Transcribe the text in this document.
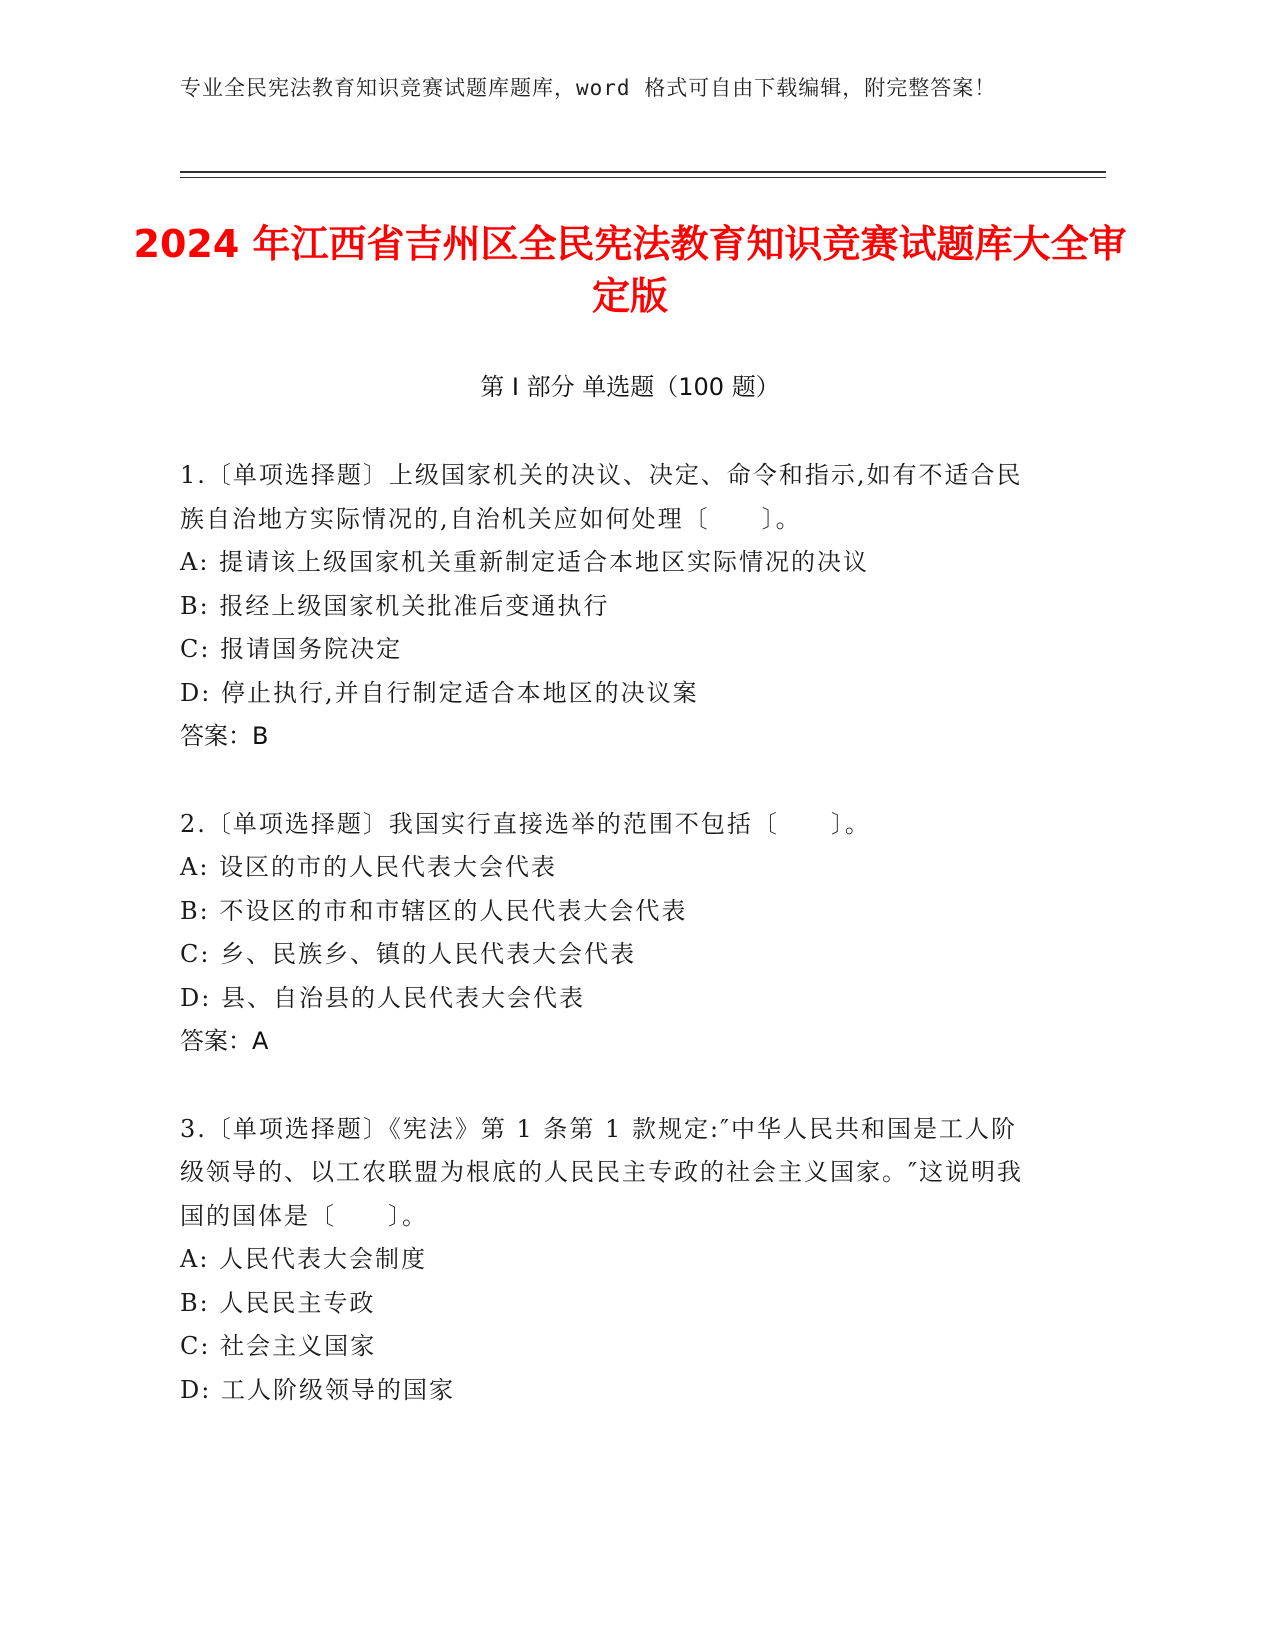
专业全民宪法教育知识竞赛试题库题库，word 格式可自由下载编辑，附完整答案！
2024 年江西省吉州区全民宪法教育知识竞赛试题库大全审定版
第 I 部分 单选题（100 题）

1.〔单项选择题〕上级国家机关的决议、决定、命令和指示,如有不适合民族自治地方实际情况的,自治机关应如何处理〔　　〕。

A: 提请该上级国家机关重新制定适合本地区实际情况的决议

B: 报经上级国家机关批准后变通执行

C: 报请国务院决定

D: 停止执行,并自行制定适合本地区的决议案

答案：B

2.〔单项选择题〕我国实行直接选举的范围不包括〔　　〕。

A: 设区的市的人民代表大会代表

B: 不设区的市和市辖区的人民代表大会代表

C: 乡、民族乡、镇的人民代表大会代表

D: 县、自治县的人民代表大会代表

答案：A

3.〔单项选择题〕《宪法》第 1 条第 1 款规定:″中华人民共和国是工人阶级领导的、以工农联盟为根底的人民民主专政的社会主义国家。″这说明我国的国体是〔　　〕。

A: 人民代表大会制度

B: 人民民主专政

C: 社会主义国家

D: 工人阶级领导的国家
